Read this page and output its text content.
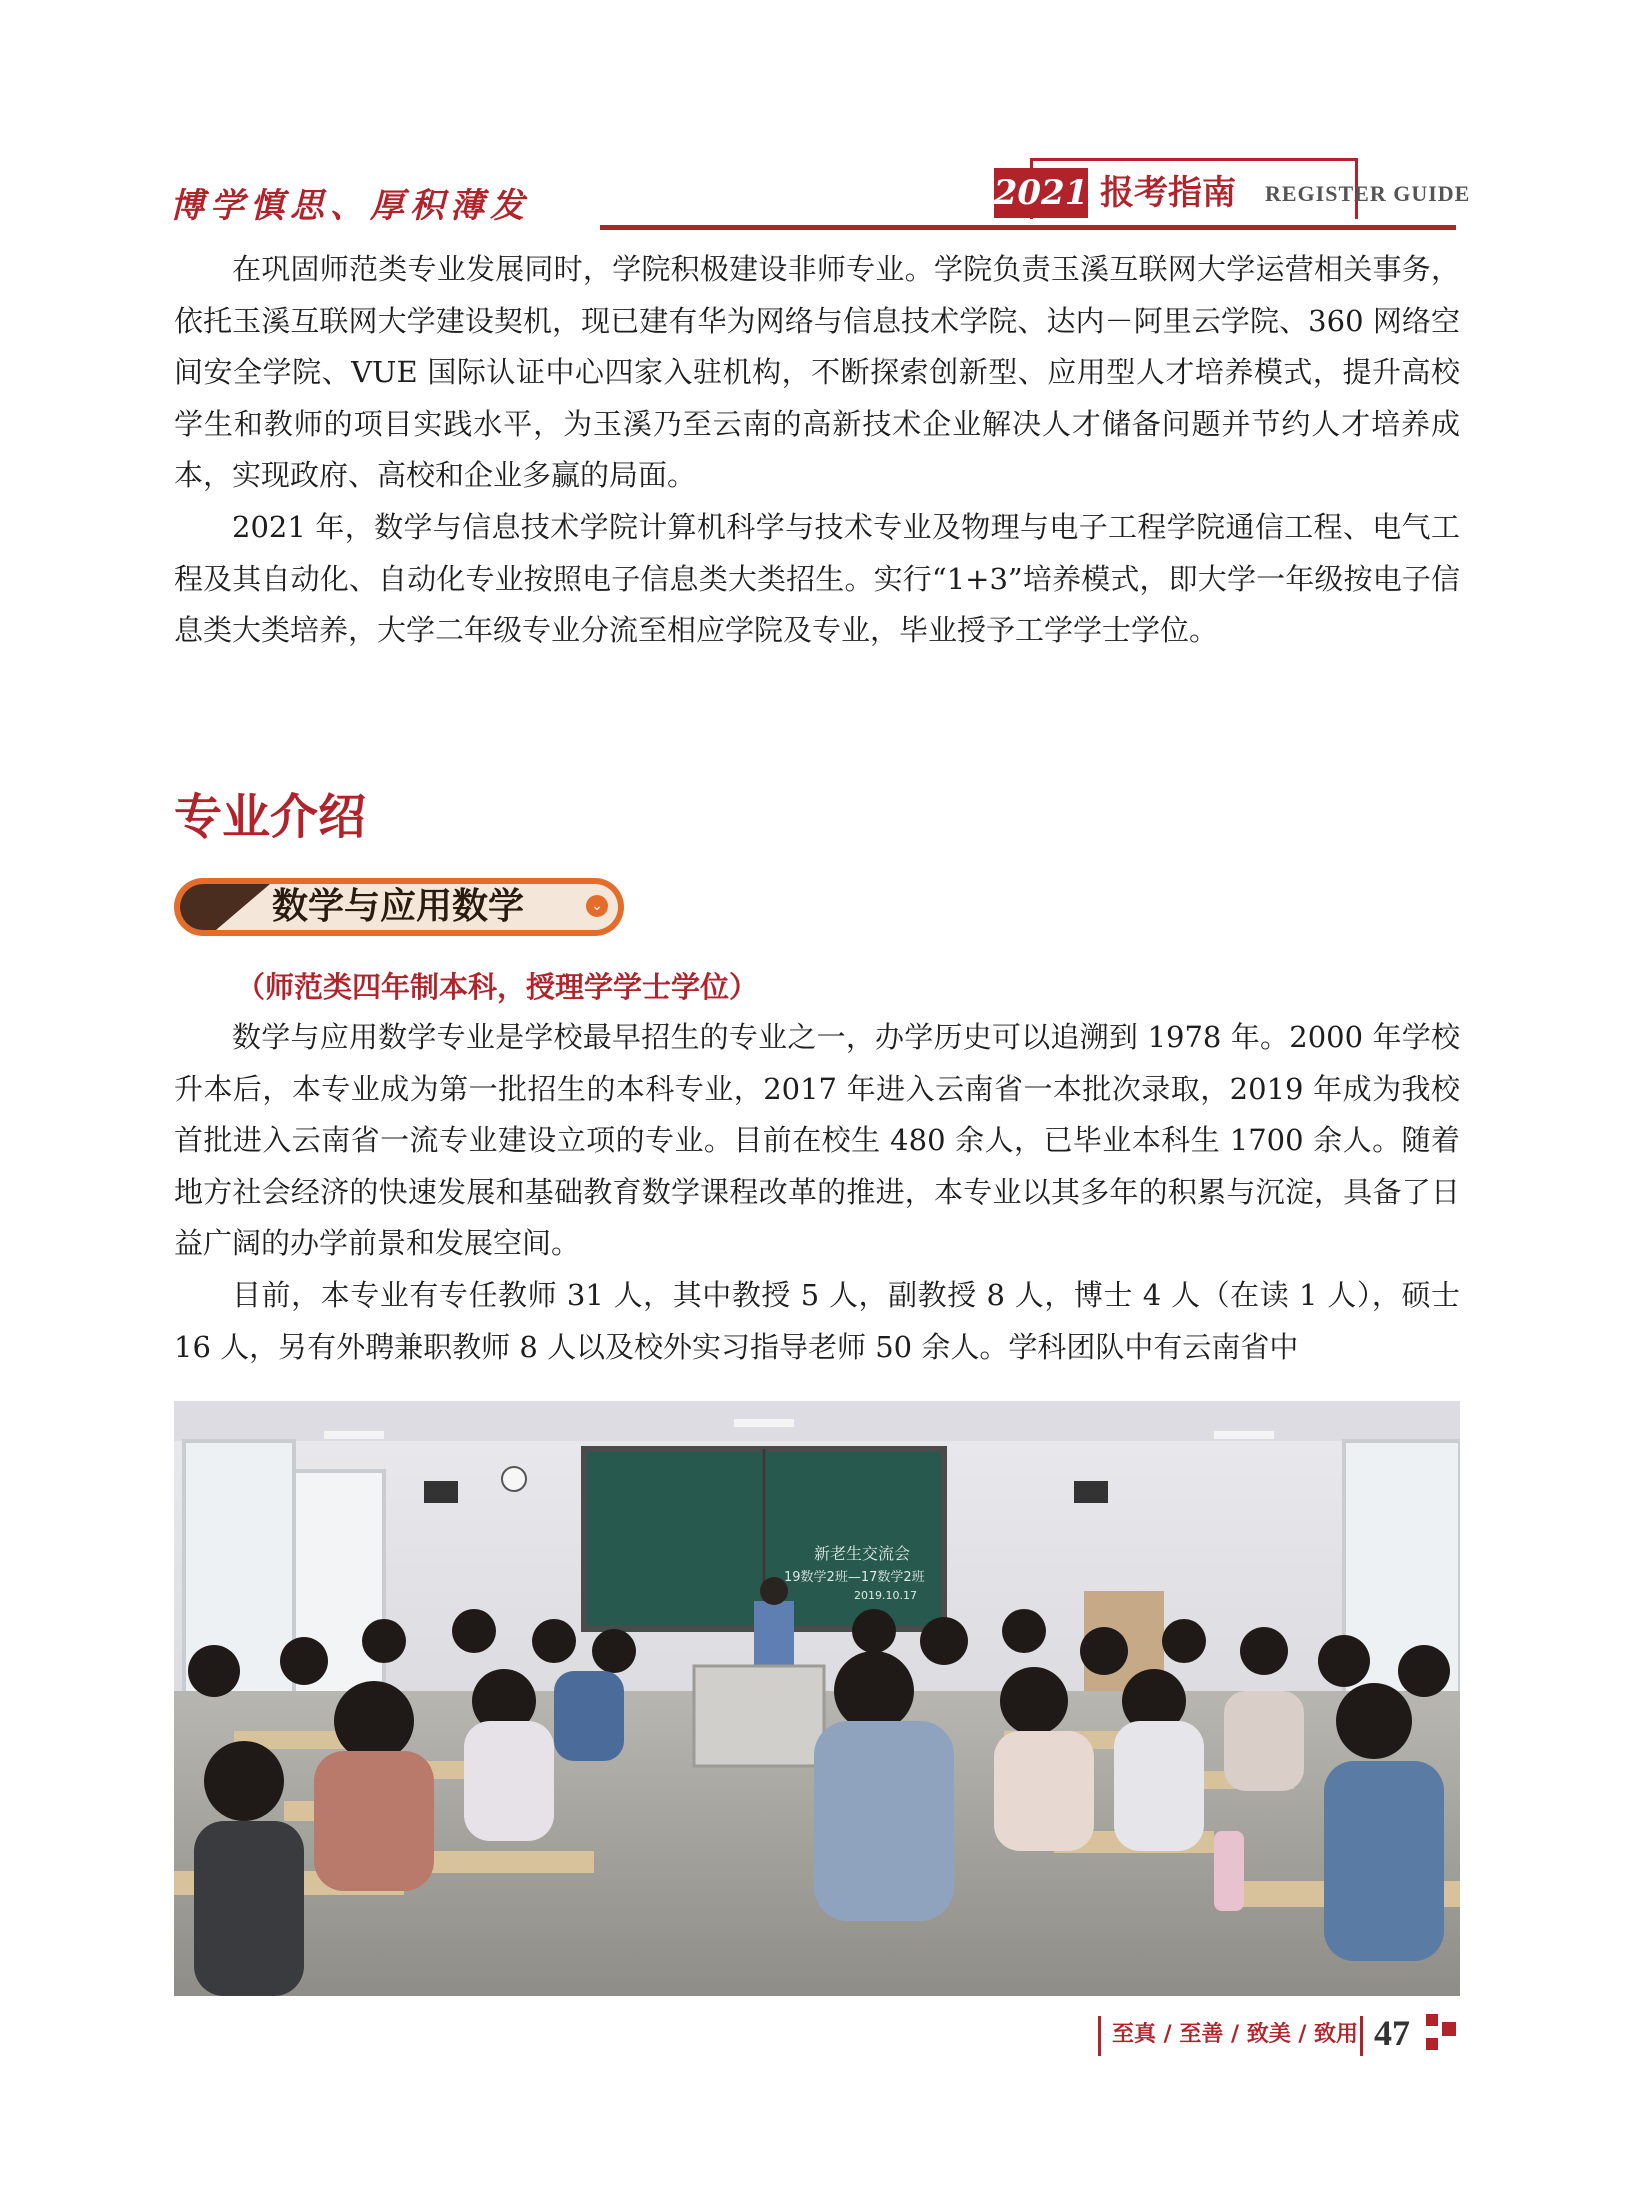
博学慎思、厚积薄发	2021 报考指南 REGISTER GUIDE

在巩固师范类专业发展同时，学院积极建设非师专业。学院负责玉溪互联网大学运营相关事务，依托玉溪互联网大学建设契机，现已建有华为网络与信息技术学院、达内－阿里云学院、360 网络空间安全学院、VUE 国际认证中心四家入驻机构，不断探索创新型、应用型人才培养模式，提升高校学生和教师的项目实践水平，为玉溪乃至云南的高新技术企业解决人才储备问题并节约人才培养成本，实现政府、高校和企业多赢的局面。

2021 年，数学与信息技术学院计算机科学与技术专业及物理与电子工程学院通信工程、电气工程及其自动化、自动化专业按照电子信息类大类招生。实行“1+3”培养模式，即大学一年级按电子信息类大类培养，大学二年级专业分流至相应学院及专业，毕业授予工学学士学位。

专业介绍
数学与应用数学	⌄
（师范类四年制本科，授理学学士学位）

数学与应用数学专业是学校最早招生的专业之一，办学历史可以追溯到 1978 年。2000 年学校升本后，本专业成为第一批招生的本科专业，2017 年进入云南省一本批次录取，2019 年成为我校首批进入云南省一流专业建设立项的专业。目前在校生 480 余人，已毕业本科生 1700 余人。随着地方社会经济的快速发展和基础教育数学课程改革的推进，本专业以其多年的积累与沉淀，具备了日益广阔的办学前景和发展空间。

目前，本专业有专任教师 31 人，其中教授 5 人，副教授 8 人，博士 4 人（在读 1 人），硕士 16 人，另有外聘兼职教师 8 人以及校外实习指导老师 50 余人。学科团队中有云南省中

新老生交流会
19数学2班—17数学2班
2019.10.17
至真 / 至善 / 致美 / 致用 47
